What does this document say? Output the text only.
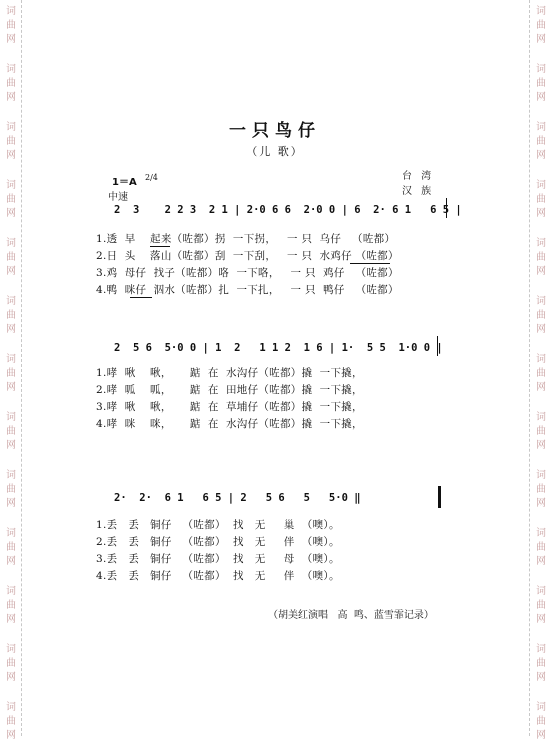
词
曲
网
词
曲
网
词
曲
网
词
曲
网
词
曲
网
词
曲
网
词
曲
网
词
曲
网
词
曲
网
词
曲
网
词
曲
网
词
曲
网
词
曲
网
词
曲
网
词
曲
网
词
曲
网
词
曲
网
词
曲
网
词
曲
网
词
曲
网
词
曲
网
词
曲
网
词
曲
网
词
曲
网
词
曲
网
词
曲
网
一只鸟仔
（儿 歌）
1＝A 2/4
中速
台 湾
汉 族
2  3    2 2 3  2 1 | 2·0 6 6  2·0 0 | 6  2· 6 1   6 5 |
1.透  早    起来（咗都）拐  一下拐，   一 只  乌仔   （咗都）
2.日  头    落山（咗都）刮  一下刮，   一 只  水鸡仔 （咗都）
3.鸡  母仔  找子（咗都）咯  一下咯，   一 只  鸡仔   （咗都）
4.鸭  咪仔  泅水（咗都）扎  一下扎，   一 只  鸭仔   （咗都）
2  5 6  5·0 0 | 1  2   1 1 2  1 6 | 1·  5 5  1·0 0 |
1.哮  啾    啾，     踮  在  水沟仔（咗都）撬  一下撬，
2.哮  呱    呱，     踮  在  田地仔（咗都）撬  一下撬，
3.哮  啾    啾，     踮  在  草埔仔（咗都）撬  一下撬，
4.哮  咪    咪，     踮  在  水沟仔（咗都）撬  一下撬，
2·  2·  6 1   6 5 | 2   5 6   5   5·0 ‖
1.丢   丢   铜仔   （咗都）  找   无     巢  （噢）。
2.丢   丢   铜仔   （咗都）  找   无     伴  （噢）。
3.丢   丢   铜仔   （咗都）  找   无     母  （噢）。
4.丢   丢   铜仔   （咗都）  找   无     伴  （噢）。
（胡美红演唱   高  鸣、蓝雪霏记录）
